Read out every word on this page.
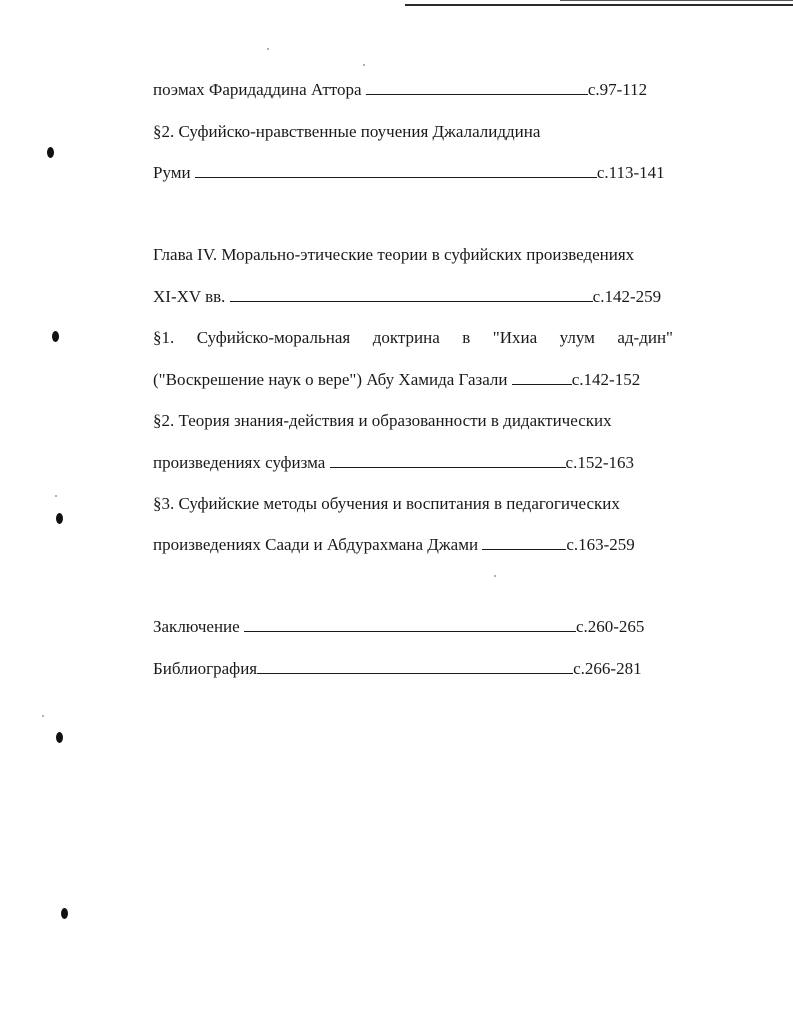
поэмах Фаридаддина Аттора	с.97-112
§2. Суфийско-нравственные поучения Джалалиддина
Руми	с.113-141
Глава IV. Морально-этические теории в суфийских произведениях
XI-XV вв.	с.142-259
§1. Суфийско-моральная доктрина в "Ихиа улум ад-дин"
("Воскрешение наук о вере") Абу Хамида Газали	с.142-152
§2. Теория знания-действия и образованности в дидактических
произведениях суфизма	с.152-163
§3. Суфийские методы обучения и воспитания в педагогических
произведениях Саади и Абдурахмана Джами	с.163-259
Заключение	с.260-265
Библиография	с.266-281
